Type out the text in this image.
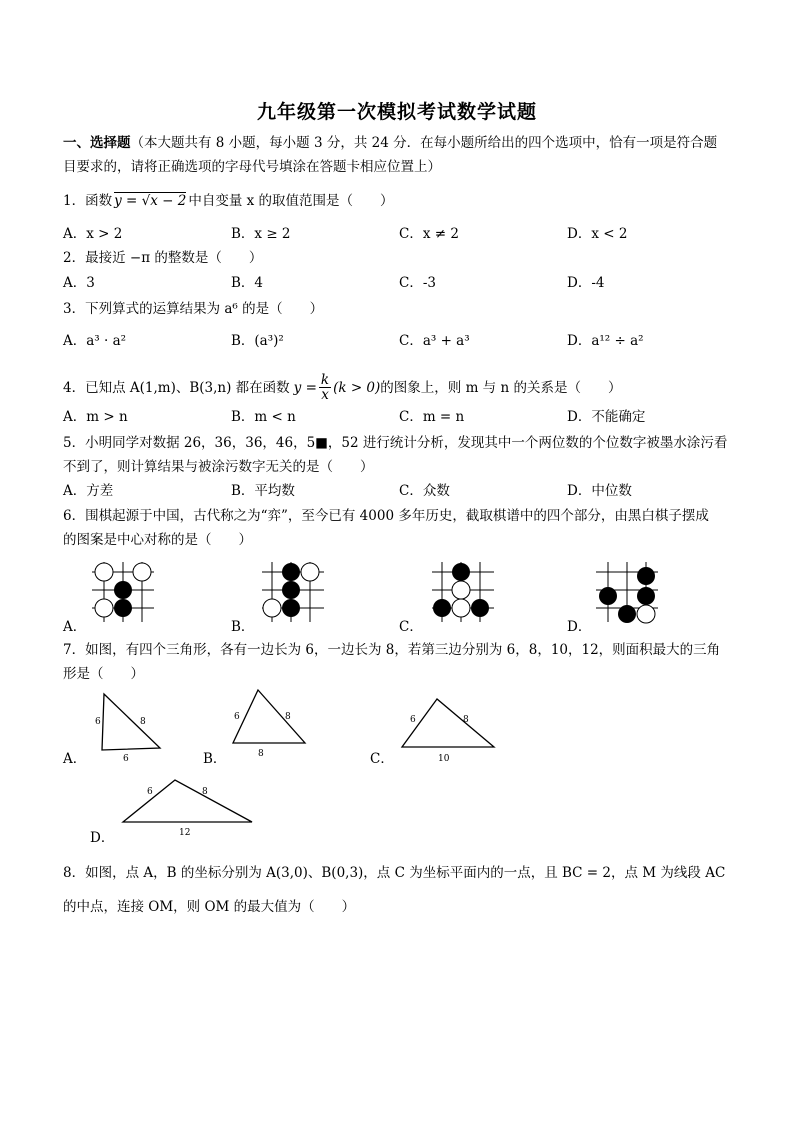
九年级第一次模拟考试数学试题
一、选择题（本大题共有 8 小题，每小题 3 分，共 24 分．在每小题所给出的四个选项中，恰有一项是符合题
目要求的，请将正确选项的字母代号填涂在答题卡相应位置上）
1．函数 y = √x − 2 中自变量 x 的取值范围是（　　）
A．x > 2	B．x ≥ 2	C．x ≠ 2	D．x < 2
2．最接近 −π 的整数是（　　）
A．3	B．4	C．-3	D．-4
3．下列算式的运算结果为 a⁶ 的是（　　）
A．a³ · a²	B．(a³)²	C．a³ + a³	D．a¹² ÷ a²
4．已知点 A(1,m)、B(3,n) 都在函数 $y = \frac{k}{x} (k > 0)$ 的图象上，则 m 与 n 的关系是（　　）
A．m > n	B．m < n	C．m = n	D．不能确定
5．小明同学对数据 26，36，36，46，5■，52 进行统计分析，发现其中一个两位数的个位数字被墨水涂污看
不到了，则计算结果与被涂污数字无关的是（　　）
A．方差	B．平均数	C．众数	D．中位数
6．围棋起源于中国，古代称之为“弈”，至今已有 4000 多年历史，截取棋谱中的四个部分，由黑白棋子摆成
的图案是中心对称的是（　　）
A．	B．	C．	D．
7．如图，有四个三角形，各有一边长为 6，一边长为 8，若第三边分别为 6，8，10，12，则面积最大的三角
形是（　　）
6	8
6
6	8
8
6	8
10
A．	B．	C．
6	8
12
D．
8．如图，点 A，B 的坐标分别为 A(3,0)、B(0,3)，点 C 为坐标平面内的一点，且 BC = 2，点 M 为线段 AC
的中点，连接 OM，则 OM 的最大值为（　　）
